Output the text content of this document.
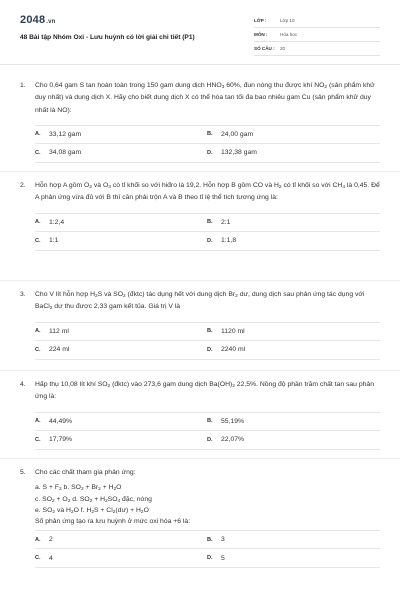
2048.vn
48 Bài tập Nhóm Oxi - Lưu huỳnh có lời giải chi tiết (P1)
LỚP :	Lớp 10
MÔN :	Hóa học
SỐ CÂU :	20
1. Cho 0,64 gam S tan hoàn toàn trong 150 gam dung dịch $HNO_3$ 60%, đun nóng thu được khí $NO_2$ (sản phẩm khử duy nhất) và dung dịch X. Hãy cho biết dung dịch X có thể hòa tan tối đa bao nhiêu gam Cu (sản phẩm khử duy nhất là NO):
A.	33,12 gam	B.	24,00 gam
C.	34,08 gam	D.	132,38 gam
2. Hỗn hợp A gồm $O_2$ và $O_3$ có tỉ khối so với hiđro là 19,2. Hỗn hợp B gồm CO và $H_2$ có tỉ khối so với $CH_4$ là 0,45. Để A phản ứng vừa đủ với B thì cần phải trộn A và B theo tỉ lệ thể tích tương ứng là:
A.	1:2,4	B.	2:1
C.	1:1	D.	1:1,8
3. Cho V lít hỗn hợp $H_2S$ và $SO_2$ (đktc) tác dụng hết với dung dịch $Br_2$ dư, dung dịch sau phản ứng tác dụng với BaCl$_2$ dư thu được 2,33 gam kết tủa. Giá trị V là
A.	112 ml	B.	1120 ml
C.	224 ml	D.	2240 ml
4. Hấp thụ 10,08 lít khí $SO_2$ (đktc) vào 273,6 gam dung dịch $Ba(OH)_2$ 22,5%. Nồng độ phần trăm chất tan sau phản ứng là:
A.	44,49%	B.	55,19%
C.	17,79%	D.	22,07%
5. Cho các chất tham gia phản ứng:
a. $S + F_2$ b. $SO_2 + Br_2 + H_2O$
c. $SO_2 + O_2$ d. $SO_2 + H_2SO_4$ đặc, nóng
e. $SO_2$ và $H_2O$ f. $H_2S$ + $Cl_2(dư) + H_2O$
Số phản ứng tạo ra lưu huỳnh ở mức oxi hóa +6 là:
A.	2	B.	3
C.	4	D.	5
